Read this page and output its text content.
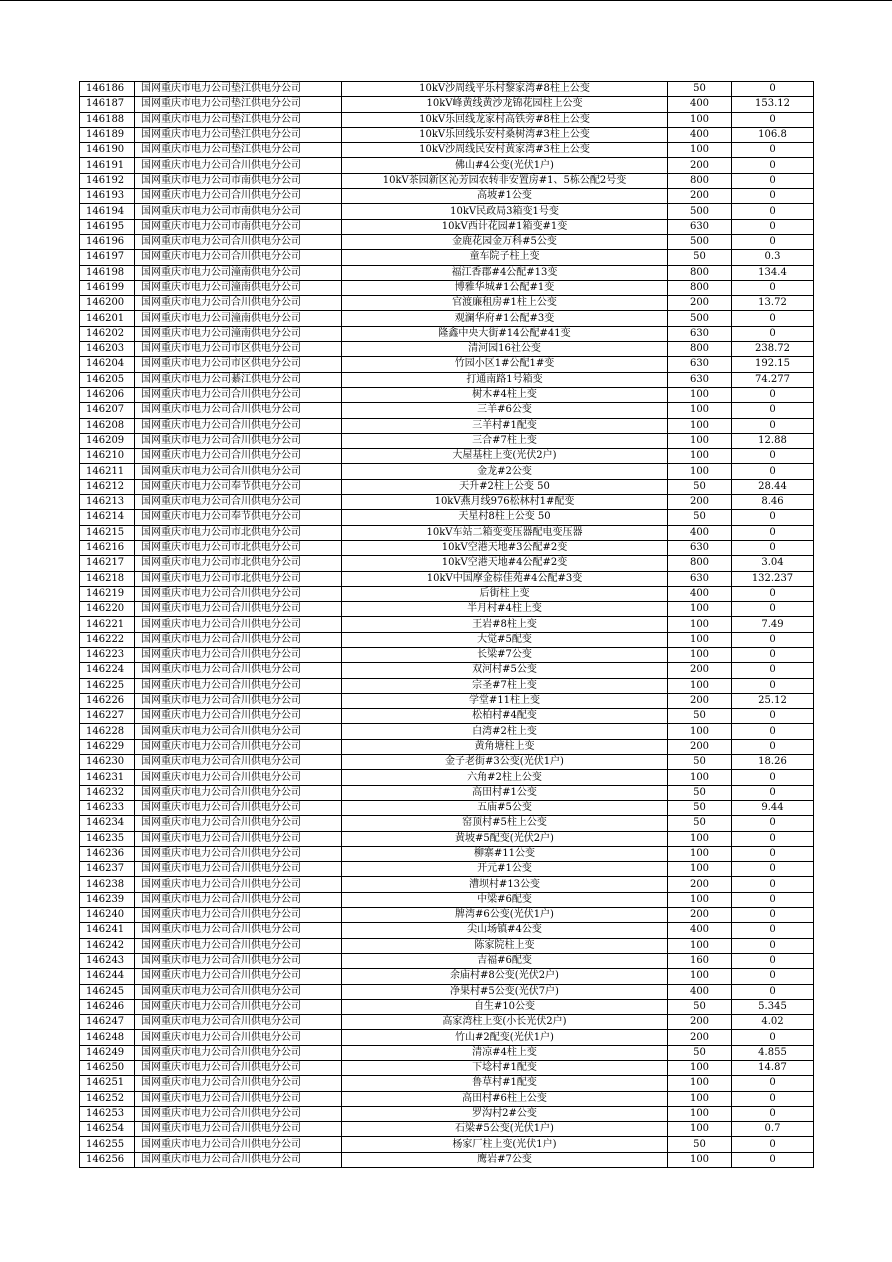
146186	国网重庆市电力公司垫江供电分公司	10kV沙周线平乐村黎家湾#8柱上公变	50	0
146187	国网重庆市电力公司垫江供电分公司	10kV峰黄线黄沙龙锦花园柱上公变	400	153.12
146188	国网重庆市电力公司垫江供电分公司	10kV乐回线龙家村高铁旁#8柱上公变	100	0
146189	国网重庆市电力公司垫江供电分公司	10kV乐回线乐安村桑树湾#3柱上公变	400	106.8
146190	国网重庆市电力公司垫江供电分公司	10kV沙周线民安村黄家湾#3柱上公变	100	0
146191	国网重庆市电力公司合川供电分公司	佛山#4公变(光伏1户)	200	0
146192	国网重庆市电力公司市南供电分公司	10kV茶园新区沁芳园农转非安置房#1、5栋公配2号变	800	0
146193	国网重庆市电力公司合川供电分公司	高坡#1公变	200	0
146194	国网重庆市电力公司市南供电分公司	10kV民政局3箱变1号变	500	0
146195	国网重庆市电力公司市南供电分公司	10kV西计花园#1箱变#1变	630	0
146196	国网重庆市电力公司合川供电分公司	金鹿花园金万科#5公变	500	0
146197	国网重庆市电力公司合川供电分公司	童车院子柱上变	50	0.3
146198	国网重庆市电力公司潼南供电分公司	福江香郡#4公配#13变	800	134.4
146199	国网重庆市电力公司潼南供电分公司	博雅华城#1公配#1变	800	0
146200	国网重庆市电力公司合川供电分公司	官渡廉租房#1柱上公变	200	13.72
146201	国网重庆市电力公司潼南供电分公司	观澜华府#1公配#3变	500	0
146202	国网重庆市电力公司潼南供电分公司	隆鑫中央大街#14公配#41变	630	0
146203	国网重庆市电力公司市区供电分公司	清河园16社公变	800	238.72
146204	国网重庆市电力公司市区供电分公司	竹园小区1#公配1#变	630	192.15
146205	国网重庆市电力公司綦江供电分公司	打通南路1号箱变	630	74.277
146206	国网重庆市电力公司合川供电分公司	树木#4柱上变	100	0
146207	国网重庆市电力公司合川供电分公司	三羊#6公变	100	0
146208	国网重庆市电力公司合川供电分公司	三羊村#1配变	100	0
146209	国网重庆市电力公司合川供电分公司	三合#7柱上变	100	12.88
146210	国网重庆市电力公司合川供电分公司	大屋基柱上变(光伏2户)	100	0
146211	国网重庆市电力公司合川供电分公司	金龙#2公变	100	0
146212	国网重庆市电力公司奉节供电分公司	天升#2柱上公变 50	50	28.44
146213	国网重庆市电力公司合川供电分公司	10kV燕月线976松林村1#配变	200	8.46
146214	国网重庆市电力公司奉节供电分公司	天星村8柱上公变 50	50	0
146215	国网重庆市电力公司市北供电分公司	10kV车站二箱变变压器配电变压器	400	0
146216	国网重庆市电力公司市北供电分公司	10kV空港天地#3公配#2变	630	0
146217	国网重庆市电力公司市北供电分公司	10kV空港天地#4公配#2变	800	3.04
146218	国网重庆市电力公司市北供电分公司	10kV中国摩金棕佳苑#4公配#3变	630	132.237
146219	国网重庆市电力公司合川供电分公司	后街柱上变	400	0
146220	国网重庆市电力公司合川供电分公司	半月村#4柱上变	100	0
146221	国网重庆市电力公司合川供电分公司	王岩#8柱上变	100	7.49
146222	国网重庆市电力公司合川供电分公司	大觉#5配变	100	0
146223	国网重庆市电力公司合川供电分公司	长梁#7公变	100	0
146224	国网重庆市电力公司合川供电分公司	双河村#5公变	200	0
146225	国网重庆市电力公司合川供电分公司	宗圣#7柱上变	100	0
146226	国网重庆市电力公司合川供电分公司	学堂#11柱上变	200	25.12
146227	国网重庆市电力公司合川供电分公司	松柏村#4配变	50	0
146228	国网重庆市电力公司合川供电分公司	白湾#2柱上变	100	0
146229	国网重庆市电力公司合川供电分公司	黄角塘柱上变	200	0
146230	国网重庆市电力公司合川供电分公司	金子老街#3公变(光伏1户)	50	18.26
146231	国网重庆市电力公司合川供电分公司	六角#2柱上公变	100	0
146232	国网重庆市电力公司合川供电分公司	高田村#1公变	50	0
146233	国网重庆市电力公司合川供电分公司	五庙#5公变	50	9.44
146234	国网重庆市电力公司合川供电分公司	窑顶村#5柱上公变	50	0
146235	国网重庆市电力公司合川供电分公司	黄坡#5配变(光伏2户)	100	0
146236	国网重庆市电力公司合川供电分公司	柳寨#11公变	100	0
146237	国网重庆市电力公司合川供电分公司	开元#1公变	100	0
146238	国网重庆市电力公司合川供电分公司	漕坝村#13公变	200	0
146239	国网重庆市电力公司合川供电分公司	中梁#6配变	100	0
146240	国网重庆市电力公司合川供电分公司	牌湾#6公变(光伏1户)	200	0
146241	国网重庆市电力公司合川供电分公司	尖山场镇#4公变	400	0
146242	国网重庆市电力公司合川供电分公司	陈家院柱上变	100	0
146243	国网重庆市电力公司合川供电分公司	吉福#6配变	160	0
146244	国网重庆市电力公司合川供电分公司	余庙村#8公变(光伏2户)	100	0
146245	国网重庆市电力公司合川供电分公司	净果村#5公变(光伏7户)	400	0
146246	国网重庆市电力公司合川供电分公司	自生#10公变	50	5.345
146247	国网重庆市电力公司合川供电分公司	高家湾柱上变(小长光伏2户)	200	4.02
146248	国网重庆市电力公司合川供电分公司	竹山#2配变(光伏1户)	200	0
146249	国网重庆市电力公司合川供电分公司	清凉#4柱上变	50	4.855
146250	国网重庆市电力公司合川供电分公司	下埝村#1配变	100	14.87
146251	国网重庆市电力公司合川供电分公司	鲁草村#1配变	100	0
146252	国网重庆市电力公司合川供电分公司	高田村#6柱上公变	100	0
146253	国网重庆市电力公司合川供电分公司	罗沟村2#公变	100	0
146254	国网重庆市电力公司合川供电分公司	石梁#5公变(光伏1户)	100	0.7
146255	国网重庆市电力公司合川供电分公司	杨家厂柱上变(光伏1户)	50	0
146256	国网重庆市电力公司合川供电分公司	鹰岩#7公变	100	0
